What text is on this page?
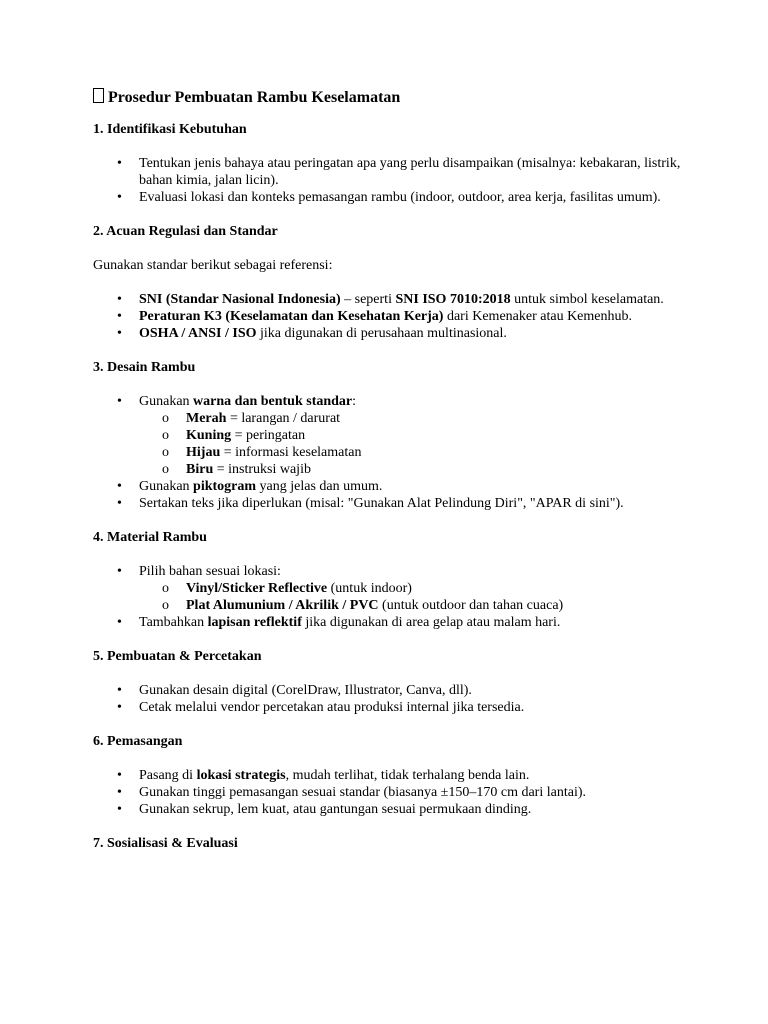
Prosedur Pembuatan Rambu Keselamatan
1. Identifikasi Kebutuhan
• Tentukan jenis bahaya atau peringatan apa yang perlu disampaikan (misalnya: kebakaran, listrik, bahan kimia, jalan licin).
• Evaluasi lokasi dan konteks pemasangan rambu (indoor, outdoor, area kerja, fasilitas umum).
2. Acuan Regulasi dan Standar

Gunakan standar berikut sebagai referensi:

• SNI (Standar Nasional Indonesia) – seperti SNI ISO 7010:2018 untuk simbol keselamatan.
• Peraturan K3 (Keselamatan dan Kesehatan Kerja) dari Kemenaker atau Kemenhub.
• OSHA / ANSI / ISO jika digunakan di perusahaan multinasional.
3. Desain Rambu
• Gunakan warna dan bentuk standar:
o Merah = larangan / darurat
o Kuning = peringatan
o Hijau = informasi keselamatan
o Biru = instruksi wajib
• Gunakan piktogram yang jelas dan umum.
• Sertakan teks jika diperlukan (misal: "Gunakan Alat Pelindung Diri", "APAR di sini").
4. Material Rambu
• Pilih bahan sesuai lokasi:
o Vinyl/Sticker Reflective (untuk indoor)
o Plat Alumunium / Akrilik / PVC (untuk outdoor dan tahan cuaca)
• Tambahkan lapisan reflektif jika digunakan di area gelap atau malam hari.
5. Pembuatan & Percetakan
• Gunakan desain digital (CorelDraw, Illustrator, Canva, dll).
• Cetak melalui vendor percetakan atau produksi internal jika tersedia.
6. Pemasangan
• Pasang di lokasi strategis, mudah terlihat, tidak terhalang benda lain.
• Gunakan tinggi pemasangan sesuai standar (biasanya ±150–170 cm dari lantai).
• Gunakan sekrup, lem kuat, atau gantungan sesuai permukaan dinding.
7. Sosialisasi & Evaluasi
